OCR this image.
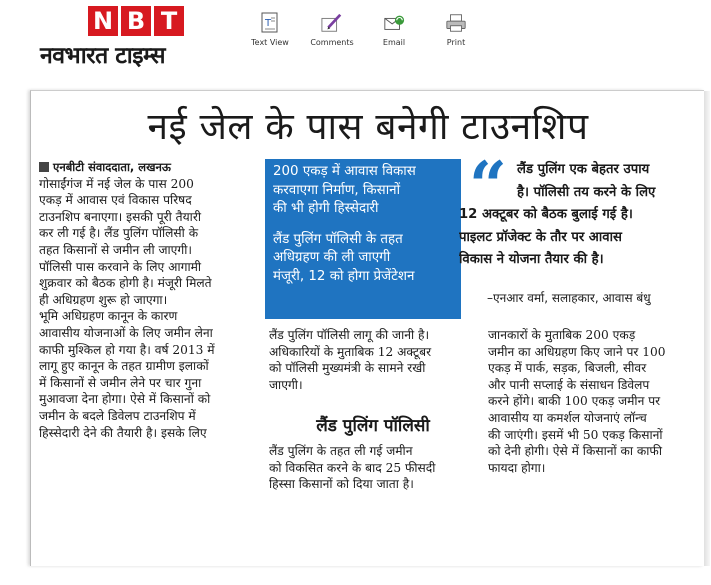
N B T
नवभारत टाइम्स
T
Text View	Comments	Email	Print
नई जेल के पास बनेगी टाउनशिप
एनबीटी संवाददाता, लखनऊ
गोसाईंगंज में नई जेल के पास 200
एकड़ में आवास एवं विकास परिषद
टाउनशिप बनाएगा। इसकी पूरी तैयारी
कर ली गई है। लैंड पुलिंग पॉलिसी के
तहत किसानों से जमीन ली जाएगी।
पॉलिसी पास करवाने के लिए आगामी
शुक्रवार को बैठक होगी है। मंजूरी मिलते
ही अधिग्रहण शुरू हो जाएगा।
भूमि अधिग्रहण कानून के कारण
आवासीय योजनाओं के लिए जमीन लेना
काफी मुश्किल हो गया है। वर्ष 2013 में
लागू हुए कानून के तहत ग्रामीण इलाकों
में किसानों से जमीन लेने पर चार गुना
मुआवजा देना होगा। ऐसे में किसानों को
जमीन के बदले डिवेलप टाउनशिप में
हिस्सेदारी देने की तैयारी है। इसके लिए
200 एकड़ में आवास विकास
करवाएगा निर्माण, किसानों
की भी होगी हिस्सेदारी
लैंड पुलिंग पॉलिसी के तहत
अधिग्रहण की ली जाएगी
मंजूरी, 12 को होगा प्रेजेंटेशन
“ लैंड पुलिंग एक बेहतर उपाय
है। पॉलिसी तय करने के लिए
12 अक्टूबर को बैठक बुलाई गई है।
पाइलट प्रॉजेक्ट के तौर पर आवास
विकास ने योजना तैयार की है।
–एनआर वर्मा, सलाहकार, आवास बंधु
लैंड पुलिंग पॉलिसी लागू की जानी है।
अधिकारियों के मुताबिक 12 अक्टूबर
को पॉलिसी मुख्यमंत्री के सामने रखी
जाएगी।
लैंड पुलिंग पॉलिसी
लैंड पुलिंग के तहत ली गई जमीन
को विकसित करने के बाद 25 फीसदी
हिस्सा किसानों को दिया जाता है।
जानकारों के मुताबिक 200 एकड़
जमीन का अधिग्रहण किए जाने पर 100
एकड़ में पार्क, सड़क, बिजली, सीवर
और पानी सप्लाई के संसाधन डिवेलप
करने होंगे। बाकी 100 एकड़ जमीन पर
आवासीय या कमर्शल योजनाएं लॉन्च
की जाएंगी। इसमें भी 50 एकड़ किसानों
को देनी होगी। ऐसे में किसानों का काफी
फायदा होगा।
